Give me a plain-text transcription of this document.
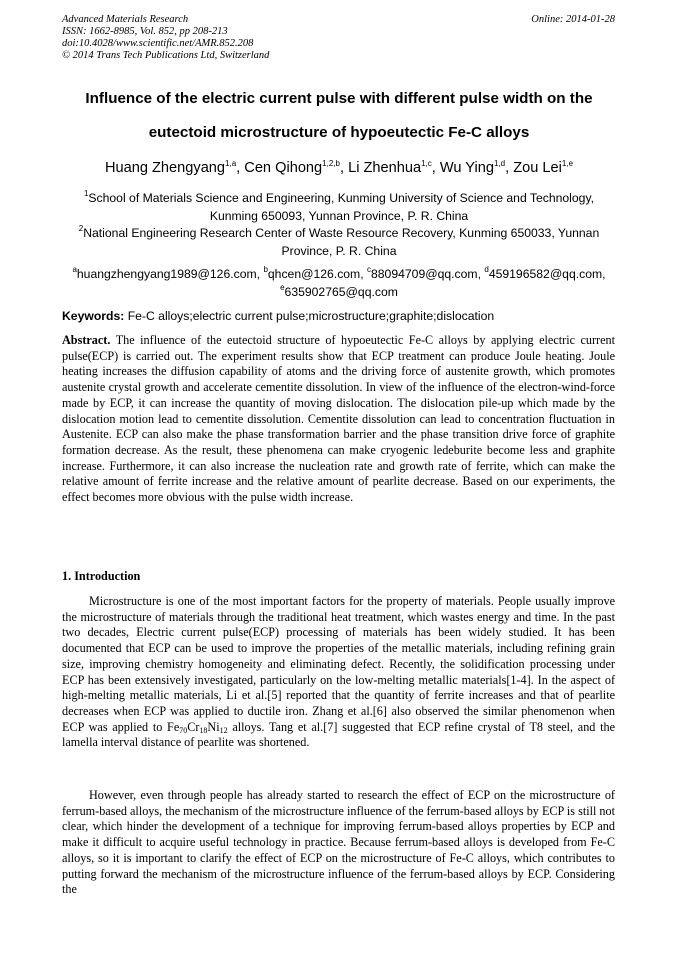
Advanced Materials Research
ISSN: 1662-8985, Vol. 852, pp 208-213
doi:10.4028/www.scientific.net/AMR.852.208
© 2014 Trans Tech Publications Ltd, Switzerland
Online: 2014-01-28
Influence of the electric current pulse with different pulse width on the
eutectoid microstructure of hypoeutectic Fe-C alloys
Huang Zhengyang$^{1,a}$, Cen Qihong$^{1,2,b}$, Li Zhenhua$^{1,c}$, Wu Ying$^{1,d}$, Zou Lei$^{1,e}$
$^1$School of Materials Science and Engineering, Kunming University of Science and Technology, Kunming 650093, Yunnan Province, P. R. China
$^2$National Engineering Research Center of Waste Resource Recovery, Kunming 650033, Yunnan Province, P. R. China
$^a$huangzhengyang1989@126.com, $^b$qhcen@126.com, $^c$88094709@qq.com, $^d$459196582@qq.com, $^e$635902765@qq.com
Keywords: Fe-C alloys;electric current pulse;microstructure;graphite;dislocation
Abstract. The influence of the eutectoid structure of hypoeutectic Fe-C alloys by applying electric current pulse(ECP) is carried out. The experiment results show that ECP treatment can produce Joule heating. Joule heating increases the diffusion capability of atoms and the driving force of austenite growth, which promotes austenite crystal growth and accelerate cementite dissolution. In view of the influence of the electron-wind-force made by ECP, it can increase the quantity of moving dislocation. The dislocation pile-up which made by the dislocation motion lead to cementite dissolution. Cementite dissolution can lead to concentration fluctuation in Austenite. ECP can also make the phase transformation barrier and the phase transition drive force of graphite formation decrease. As the result, these phenomena can make cryogenic ledeburite become less and graphite increase. Furthermore, it can also increase the nucleation rate and growth rate of ferrite, which can make the relative amount of ferrite increase and the relative amount of pearlite decrease. Based on our experiments, the effect becomes more obvious with the pulse width increase.
1. Introduction
Microstructure is one of the most important factors for the property of materials. People usually improve the microstructure of materials through the traditional heat treatment, which wastes energy and time. In the past two decades, Electric current pulse(ECP) processing of materials has been widely studied. It has been documented that ECP can be used to improve the properties of the metallic materials, including refining grain size, improving chemistry homogeneity and eliminating defect. Recently, the solidification processing under ECP has been extensively investigated, particularly on the low-melting metallic materials[1-4]. In the aspect of high-melting metallic materials, Li et al.[5] reported that the quantity of ferrite increases and that of pearlite decreases when ECP was applied to ductile iron. Zhang et al.[6] also observed the similar phenomenon when ECP was applied to $Fe_{70}Cr_{18}Ni_{12}$ alloys. Tang et al.[7] suggested that ECP refine crystal of T8 steel, and the lamella interval distance of pearlite was shortened.
However, even through people has already started to research the effect of ECP on the microstructure of ferrum-based alloys, the mechanism of the microstructure influence of the ferrum-based alloys by ECP is still not clear, which hinder the development of a technique for improving ferrum-based alloys properties by ECP and make it difficult to acquire useful technology in practice. Because ferrum-based alloys is developed from Fe-C alloys, so it is important to clarify the effect of ECP on the microstructure of Fe-C alloys, which contributes to putting forward the mechanism of the microstructure influence of the ferrum-based alloys by ECP. Considering the
